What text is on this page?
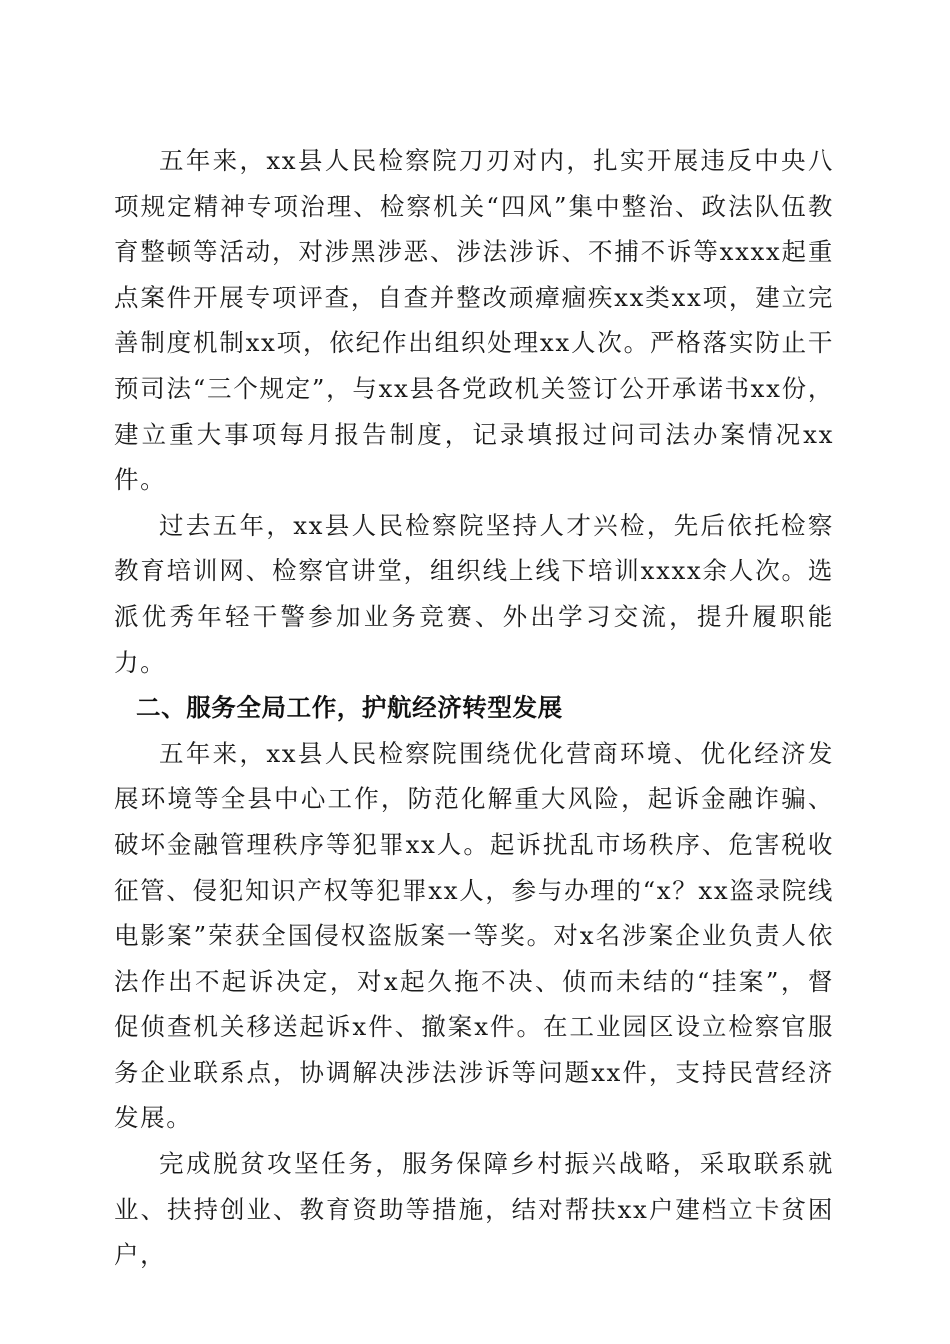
五年来，xx县人民检察院刀刃对内，扎实开展违反中央八项规定精神专项治理、检察机关“四风”集中整治、政法队伍教育整顿等活动，对涉黑涉恶、涉法涉诉、不捕不诉等xxxx起重点案件开展专项评查，自查并整改顽瘴痼疾xx类xx项，建立完善制度机制xx项，依纪作出组织处理xx人次。严格落实防止干预司法“三个规定”，与xx县各党政机关签订公开承诺书xx份，建立重大事项每月报告制度，记录填报过问司法办案情况xx件。

过去五年，xx县人民检察院坚持人才兴检，先后依托检察教育培训网、检察官讲堂，组织线上线下培训xxxx余人次。选派优秀年轻干警参加业务竞赛、外出学习交流，提升履职能力。

二、服务全局工作，护航经济转型发展

五年来，xx县人民检察院围绕优化营商环境、优化经济发展环境等全县中心工作，防范化解重大风险，起诉金融诈骗、破坏金融管理秩序等犯罪xx人。起诉扰乱市场秩序、危害税收征管、侵犯知识产权等犯罪xx人，参与办理的“x？xx盗录院线电影案”荣获全国侵权盗版案一等奖。对x名涉案企业负责人依法作出不起诉决定，对x起久拖不决、侦而未结的“挂案”，督促侦查机关移送起诉x件、撤案x件。在工业园区设立检察官服务企业联系点，协调解决涉法涉诉等问题xx件，支持民营经济发展。

完成脱贫攻坚任务，服务保障乡村振兴战略，采取联系就业、扶持创业、教育资助等措施，结对帮扶xx户建档立卡贫困户，
